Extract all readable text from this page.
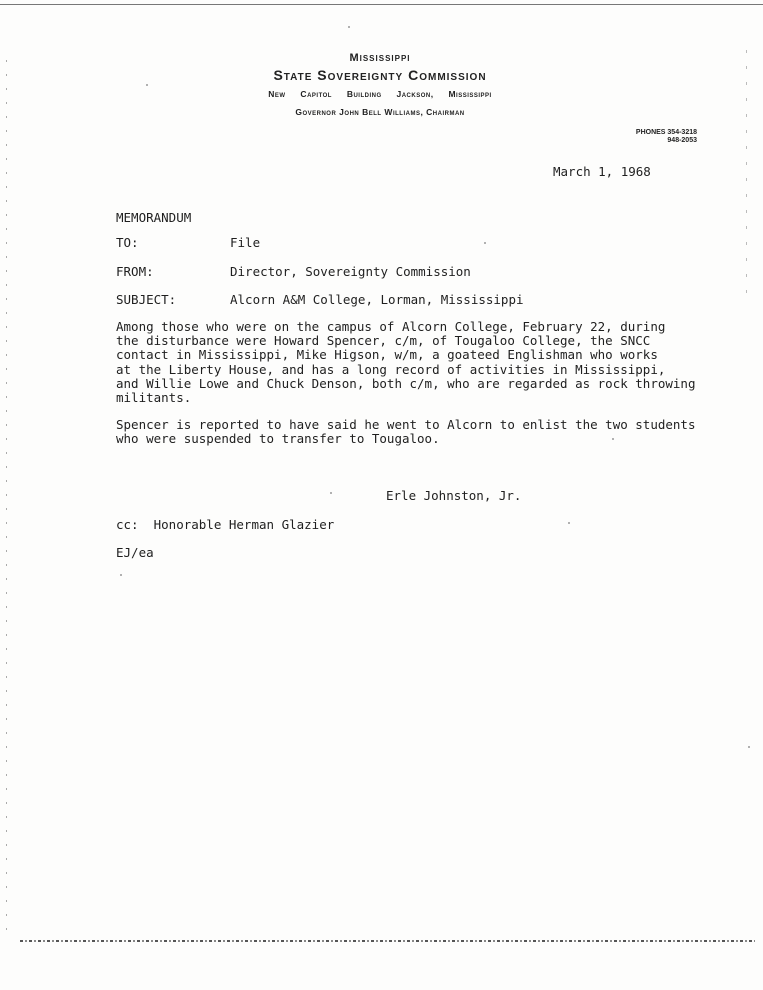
Mississippi
State Sovereignty Commission
New Capitol Building Jackson, Mississippi
Governor John Bell Williams, Chairman
PHONES 354-3218
948-2053
March 1, 1968
MEMORANDUM
TO:	File
FROM:	Director, Sovereignty Commission
SUBJECT:	Alcorn A&M College, Lorman, Mississippi
Among those who were on the campus of Alcorn College, February 22, during
the disturbance were Howard Spencer, c/m, of Tougaloo College, the SNCC
contact in Mississippi, Mike Higson, w/m, a goateed Englishman who works
at the Liberty House, and has a long record of activities in Mississippi,
and Willie Lowe and Chuck Denson, both c/m, who are regarded as rock throwing
militants.
Spencer is reported to have said he went to Alcorn to enlist the two students
who were suspended to transfer to Tougaloo.
Erle Johnston, Jr.
cc:  Honorable Herman Glazier
EJ/ea
